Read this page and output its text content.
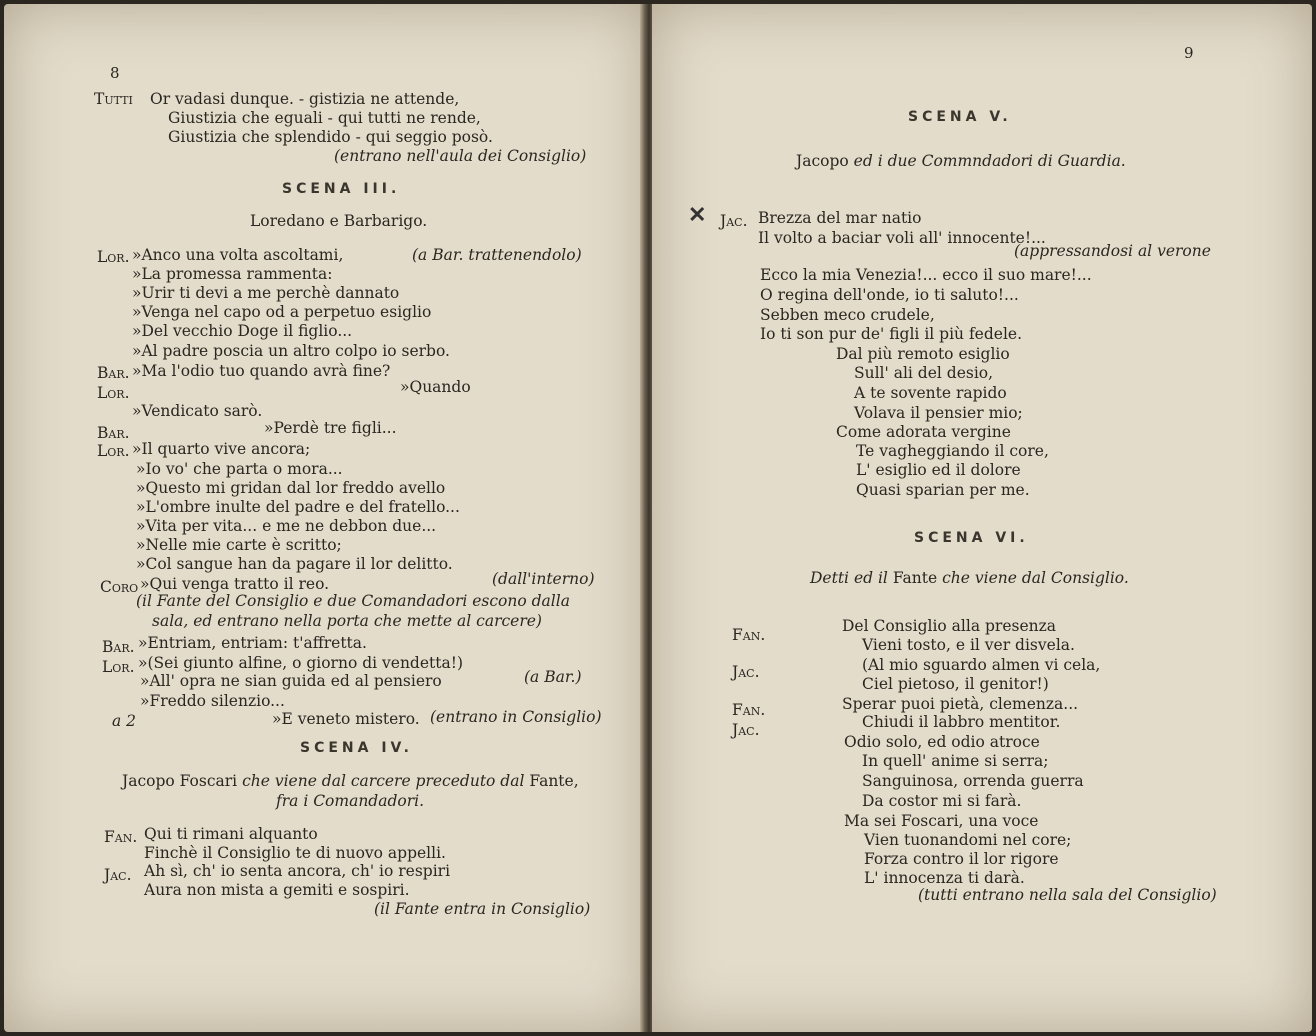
8
Tutti Or vadasi dunque. - gistizia ne attende,
Giustizia che eguali - qui tutti ne rende,
Giustizia che splendido - qui seggio posò.
(entrano nell'aula dei Consiglio)
SCENA III.
Loredano e Barbarigo.
Lor. »Anco una volta ascoltami,	(a Bar. trattenendolo)
»La promessa rammenta:
»Urir ti devi a me perchè dannato
»Venga nel capo od a perpetuo esiglio
»Del vecchio Doge il figlio...
»Al padre poscia un altro colpo io serbo.
Bar. »Ma l'odio tuo quando avrà fine?
Lor.	»Quando
»Vendicato sarò.
Bar.	»Perdè tre figli...
Lor. »Il quarto vive ancora;
»Io vo' che parta o mora...
»Questo mi gridan dal lor freddo avello
»L'ombre inulte del padre e del fratello...
»Vita per vita... e me ne debbon due...
»Nelle mie carte è scritto;
»Col sangue han da pagare il lor delitto.
Coro »Qui venga tratto il reo.	(dall'interno)
(il Fante del Consiglio e due Comandadori escono dalla
sala, ed entrano nella porta che mette al carcere)
Bar. »Entriam, entriam: t'affretta.
Lor. »(Sei giunto alfine, o giorno di vendetta!)
»All' opra ne sian guida ed al pensiero	(a Bar.)
»Freddo silenzio...
a 2	»E veneto mistero. (entrano in Consiglio)
SCENA IV.
Jacopo Foscari che viene dal carcere preceduto dal Fante,
fra i Comandadori.
Fan. Qui ti rimani alquanto
Finchè il Consiglio te di nuovo appelli.
Jac. Ah sì, ch' io senta ancora, ch' io respiri
Aura non mista a gemiti e sospiri.
(il Fante entra in Consiglio)
9
SCENA V.
Jacopo ed i due Commndadori di Guardia.
✕ Jac. Brezza del mar natio
Il volto a baciar voli all' innocente!...
(appressandosi al verone
Ecco la mia Venezia!... ecco il suo mare!...
O regina dell'onde, io ti saluto!...
Sebben meco crudele,
Io ti son pur de' figli il più fedele.
Dal più remoto esiglio
Sull' ali del desio,
A te sovente rapido
Volava il pensier mio;
Come adorata vergine
Te vagheggiando il core,
L' esiglio ed il dolore
Quasi sparian per me.
SCENA VI.
Detti ed il Fante che viene dal Consiglio.
Fan.	Del Consiglio alla presenza
Vieni tosto, e il ver disvela.
Jac.	(Al mio sguardo almen vi cela,
Ciel pietoso, il genitor!)
Fan.	Sperar puoi pietà, clemenza...
Jac.	Chiudi il labbro mentitor.
Odio solo, ed odio atroce
In quell' anime si serra;
Sanguinosa, orrenda guerra
Da costor mi si farà.
Ma sei Foscari, una voce
Vien tuonandomi nel core;
Forza contro il lor rigore
L' innocenza ti darà.
(tutti entrano nella sala del Consiglio)
